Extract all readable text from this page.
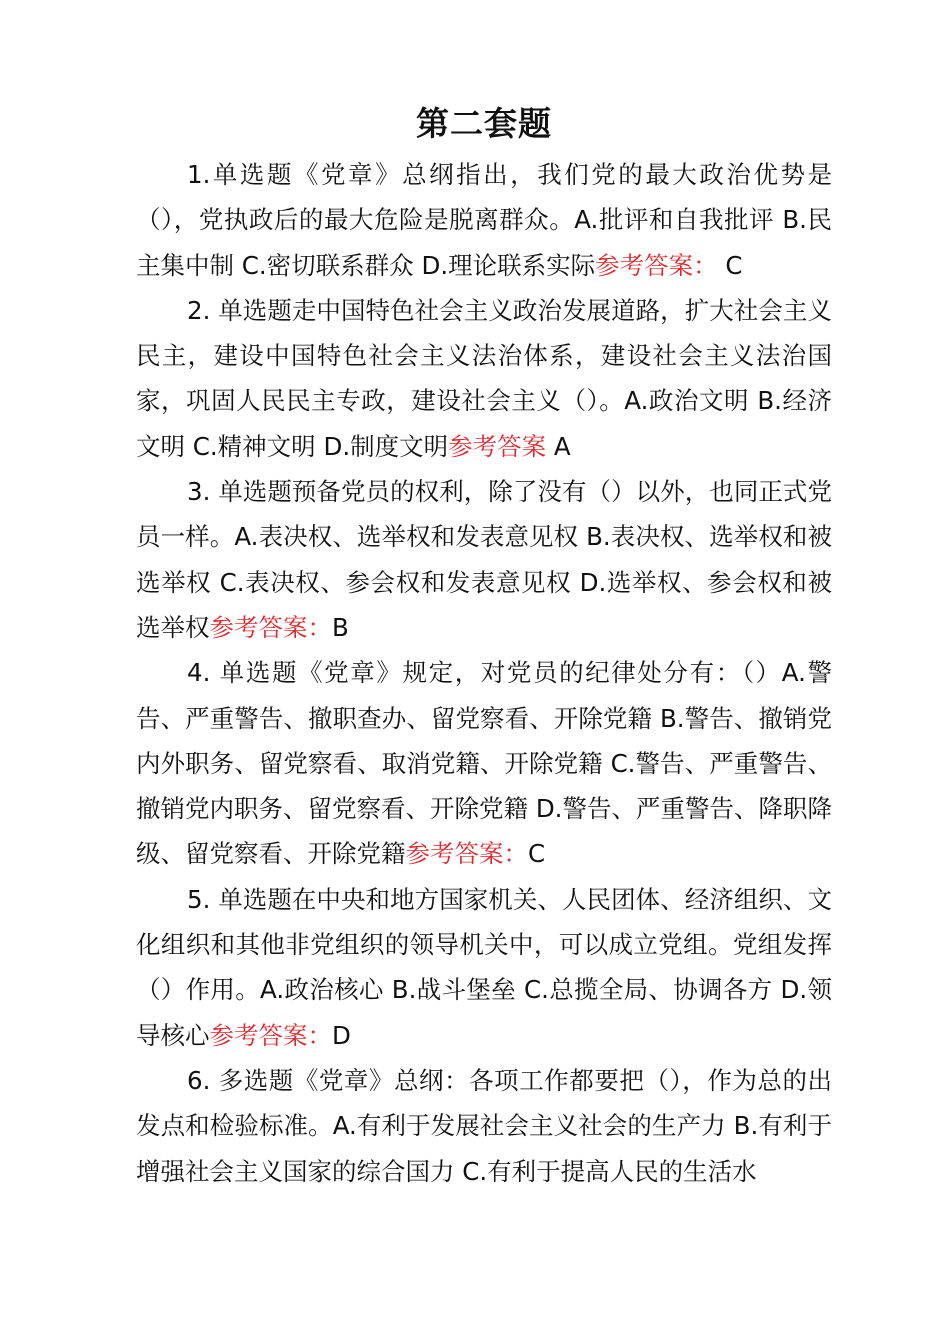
第二套题

1.单选题《党章》总纲指出，我们党的最大政治优势是（），党执政后的最大危险是脱离群众。A.批评和自我批评 B.民主集中制 C.密切联系群众 D.理论联系实际参考答案： C

2. 单选题走中国特色社会主义政治发展道路，扩大社会主义民主，建设中国特色社会主义法治体系，建设社会主义法治国家，巩固人民民主专政，建设社会主义（）。A.政治文明 B.经济文明 C.精神文明 D.制度文明参考答案 A

3. 单选题预备党员的权利，除了没有（）以外，也同正式党员一样。A.表决权、选举权和发表意见权 B.表决权、选举权和被选举权 C.表决权、参会权和发表意见权 D.选举权、参会权和被选举权参考答案：B

4. 单选题《党章》规定，对党员的纪律处分有：（）A.警告、严重警告、撤职查办、留党察看、开除党籍 B.警告、撤销党内外职务、留党察看、取消党籍、开除党籍 C.警告、严重警告、撤销党内职务、留党察看、开除党籍 D.警告、严重警告、降职降级、留党察看、开除党籍参考答案：C

5. 单选题在中央和地方国家机关、人民团体、经济组织、文化组织和其他非党组织的领导机关中，可以成立党组。党组发挥（）作用。A.政治核心 B.战斗堡垒 C.总揽全局、协调各方 D.领导核心参考答案：D

6. 多选题《党章》总纲：各项工作都要把（），作为总的出发点和检验标准。A.有利于发展社会主义社会的生产力 B.有利于增强社会主义国家的综合国力 C.有利于提高人民的生活水
